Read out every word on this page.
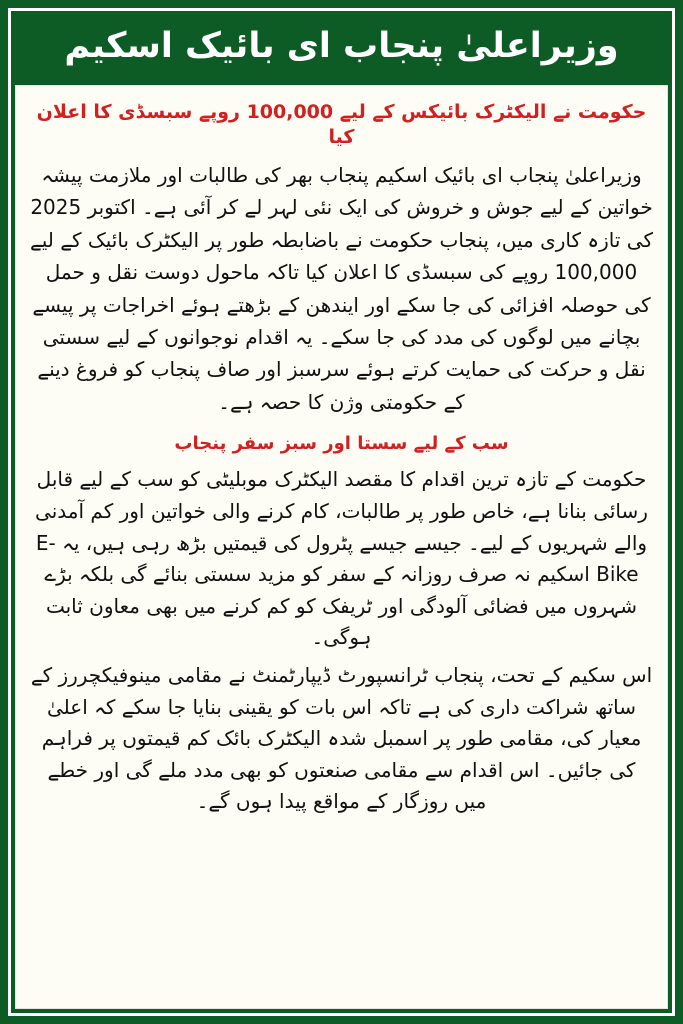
وزیراعلیٰ پنجاب ای بائیک اسکیم
حکومت نے الیکٹرک بائیکس کے لیے 100,000 روپے سبسڈی کا اعلان کیا
وزیراعلیٰ پنجاب ای بائیک اسکیم پنجاب بھر کی طالبات اور ملازمت پیشہ خواتین کے لیے جوش و خروش کی ایک نئی لہر لے کر آئی ہے۔ اکتوبر 2025 کی تازہ کاری میں، پنجاب حکومت نے باضابطہ طور پر الیکٹرک بائیک کے لیے 100,000 روپے کی سبسڈی کا اعلان کیا تاکہ ماحول دوست نقل و حمل کی حوصلہ افزائی کی جا سکے اور ایندھن کے بڑھتے ہوئے اخراجات پر پیسے بچانے میں لوگوں کی مدد کی جا سکے۔ یہ اقدام نوجوانوں کے لیے سستی نقل و حرکت کی حمایت کرتے ہوئے سرسبز اور صاف پنجاب کو فروغ دینے کے حکومتی وژن کا حصہ ہے۔
سب کے لیے سستا اور سبز سفر پنجاب
حکومت کے تازہ ترین اقدام کا مقصد الیکٹرک موبلیٹی کو سب کے لیے قابل رسائی بنانا ہے، خاص طور پر طالبات، کام کرنے والی خواتین اور کم آمدنی والے شہریوں کے لیے۔ جیسے جیسے پٹرول کی قیمتیں بڑھ رہی ہیں، یہ E-Bike اسکیم نہ صرف روزانہ کے سفر کو مزید سستی بنائے گی بلکہ بڑے شہروں میں فضائی آلودگی اور ٹریفک کو کم کرنے میں بھی معاون ثابت ہوگی۔
اس سکیم کے تحت، پنجاب ٹرانسپورٹ ڈیپارٹمنٹ نے مقامی مینوفیکچررز کے ساتھ شراکت داری کی ہے تاکہ اس بات کو یقینی بنایا جا سکے کہ اعلیٰ معیار کی، مقامی طور پر اسمبل شدہ الیکٹرک بائک کم قیمتوں پر فراہم کی جائیں۔ اس اقدام سے مقامی صنعتوں کو بھی مدد ملے گی اور خطے میں روزگار کے مواقع پیدا ہوں گے۔
